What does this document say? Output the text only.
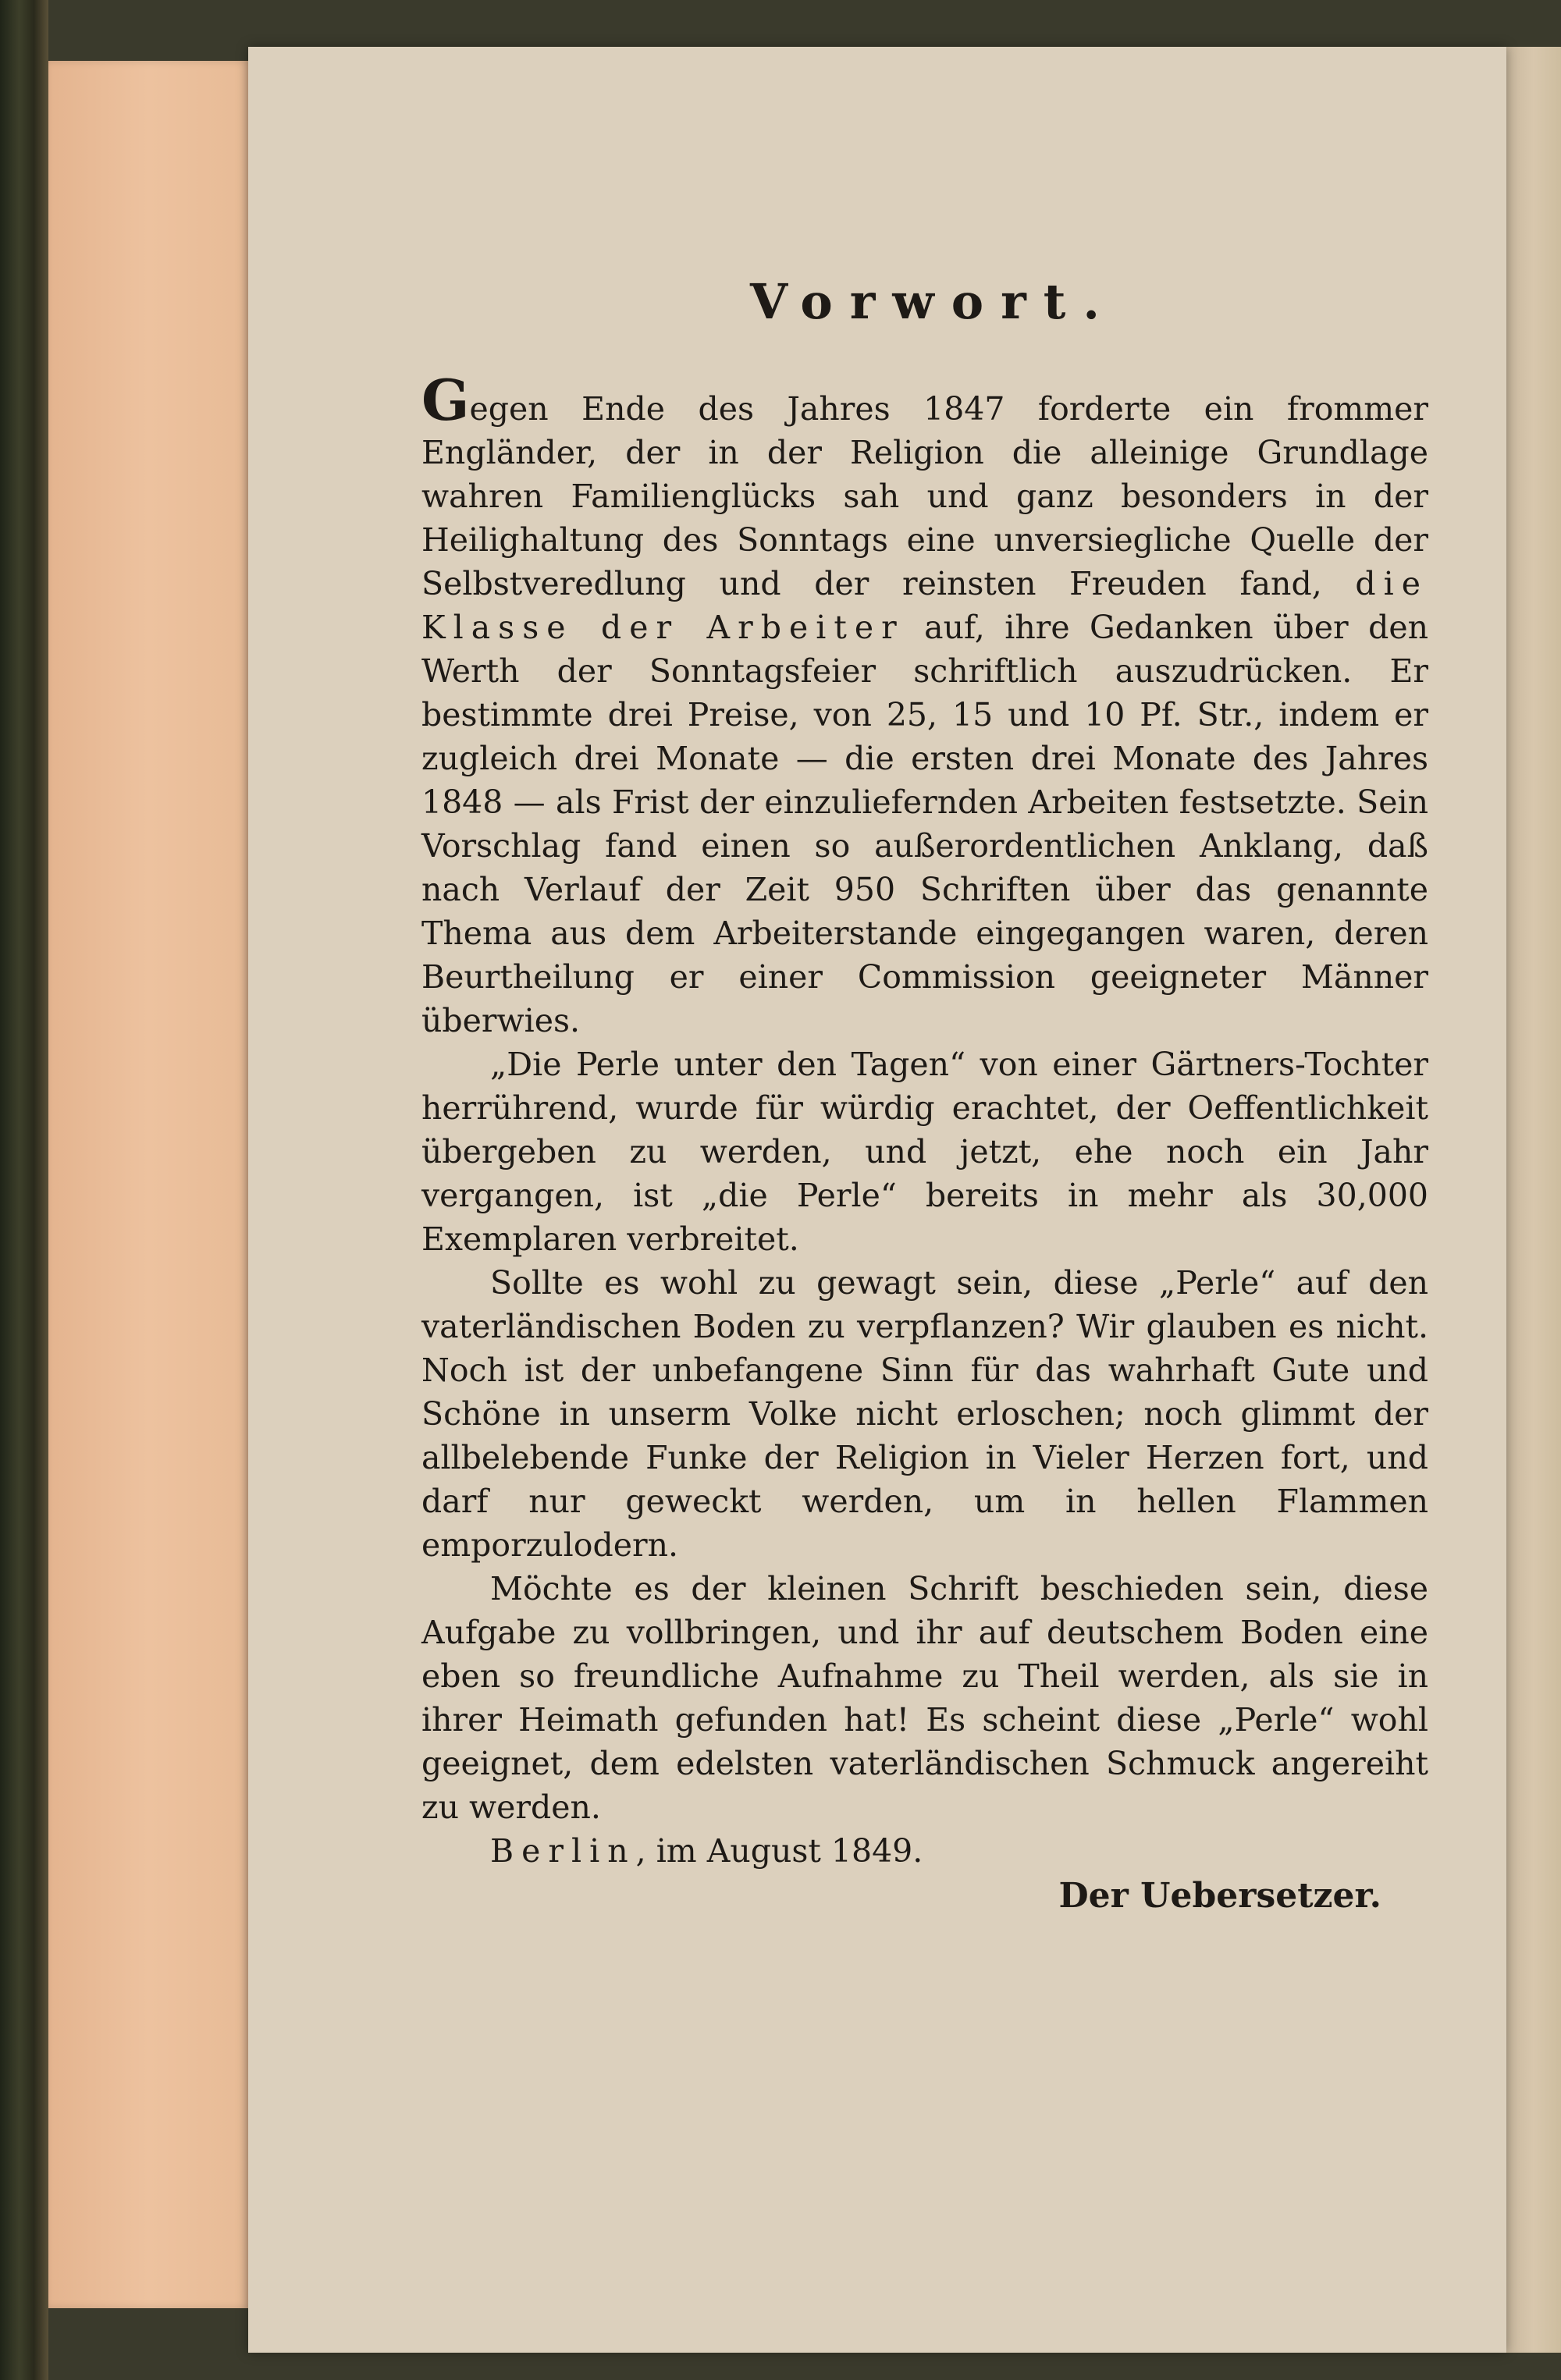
Vorwort.

Gegen Ende des Jahres 1847 forderte ein frommer Engländer, der in der Religion die alleinige Grundlage wahren Familienglücks sah und ganz besonders in der Heilighaltung des Sonntags eine unversiegliche Quelle der Selbstveredlung und der reinsten Freuden fand, die Klasse der Arbeiter auf, ihre Gedanken über den Werth der Sonntagsfeier schriftlich auszudrücken. Er bestimmte drei Preise, von 25, 15 und 10 Pf. Str., indem er zugleich drei Monate — die ersten drei Monate des Jahres 1848 — als Frist der einzuliefernden Arbeiten festsetzte. Sein Vorschlag fand einen so außerordentlichen Anklang, daß nach Verlauf der Zeit 950 Schriften über das genannte Thema aus dem Arbeiterstande eingegangen waren, deren Beurtheilung er einer Commission geeigneter Männer überwies.

„Die Perle unter den Tagen“ von einer Gärtners-Tochter herrührend, wurde für würdig erachtet, der Oeffentlichkeit übergeben zu werden, und jetzt, ehe noch ein Jahr vergangen, ist „die Perle“ bereits in mehr als 30,000 Exemplaren verbreitet.

Sollte es wohl zu gewagt sein, diese „Perle“ auf den vaterländischen Boden zu verpflanzen? Wir glauben es nicht. Noch ist der unbefangene Sinn für das wahrhaft Gute und Schöne in unserm Volke nicht erloschen; noch glimmt der allbelebende Funke der Religion in Vieler Herzen fort, und darf nur geweckt werden, um in hellen Flammen emporzulodern.

Möchte es der kleinen Schrift beschieden sein, diese Aufgabe zu vollbringen, und ihr auf deutschem Boden eine eben so freundliche Aufnahme zu Theil werden, als sie in ihrer Heimath gefunden hat! Es scheint diese „Perle“ wohl geeignet, dem edelsten vaterländischen Schmuck angereiht zu werden.

Berlin, im August 1849.
Der Uebersetzer.
